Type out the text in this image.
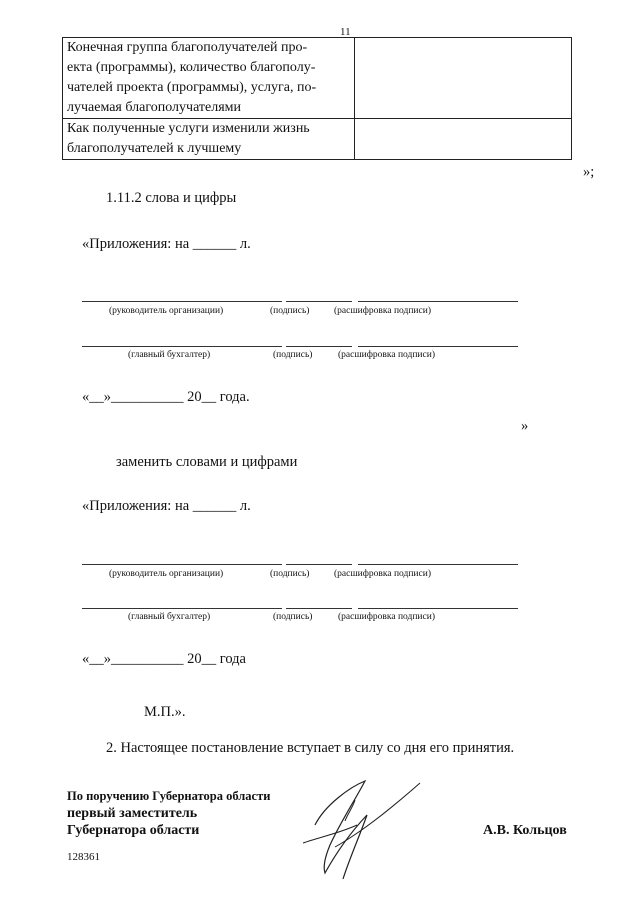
11
Конечная группа благополучателей про-
екта (программы), количество благополу-
чателей проекта (программы), услуга, по-
лучаемая благополучателями	

Как полученные услуги изменили жизнь
благополучателей к лучшему	

»;
1.11.2 слова и цифры
«Приложения: на ______ л.
(руководитель организации)	(подпись)	(расшифровка подписи)
(главный бухгалтер)	(подпись)	(расшифровка подписи)
«__»__________ 20__ года.
»
заменить словами и цифрами
«Приложения: на ______ л.
(руководитель организации)	(подпись)	(расшифровка подписи)
(главный бухгалтер)	(подпись)	(расшифровка подписи)
«__»__________ 20__ года
М.П.».
2. Настоящее постановление вступает в силу со дня его принятия.
По поручению Губернатора области
первый заместитель
Губернатора области	А.В. Кольцов
128361
